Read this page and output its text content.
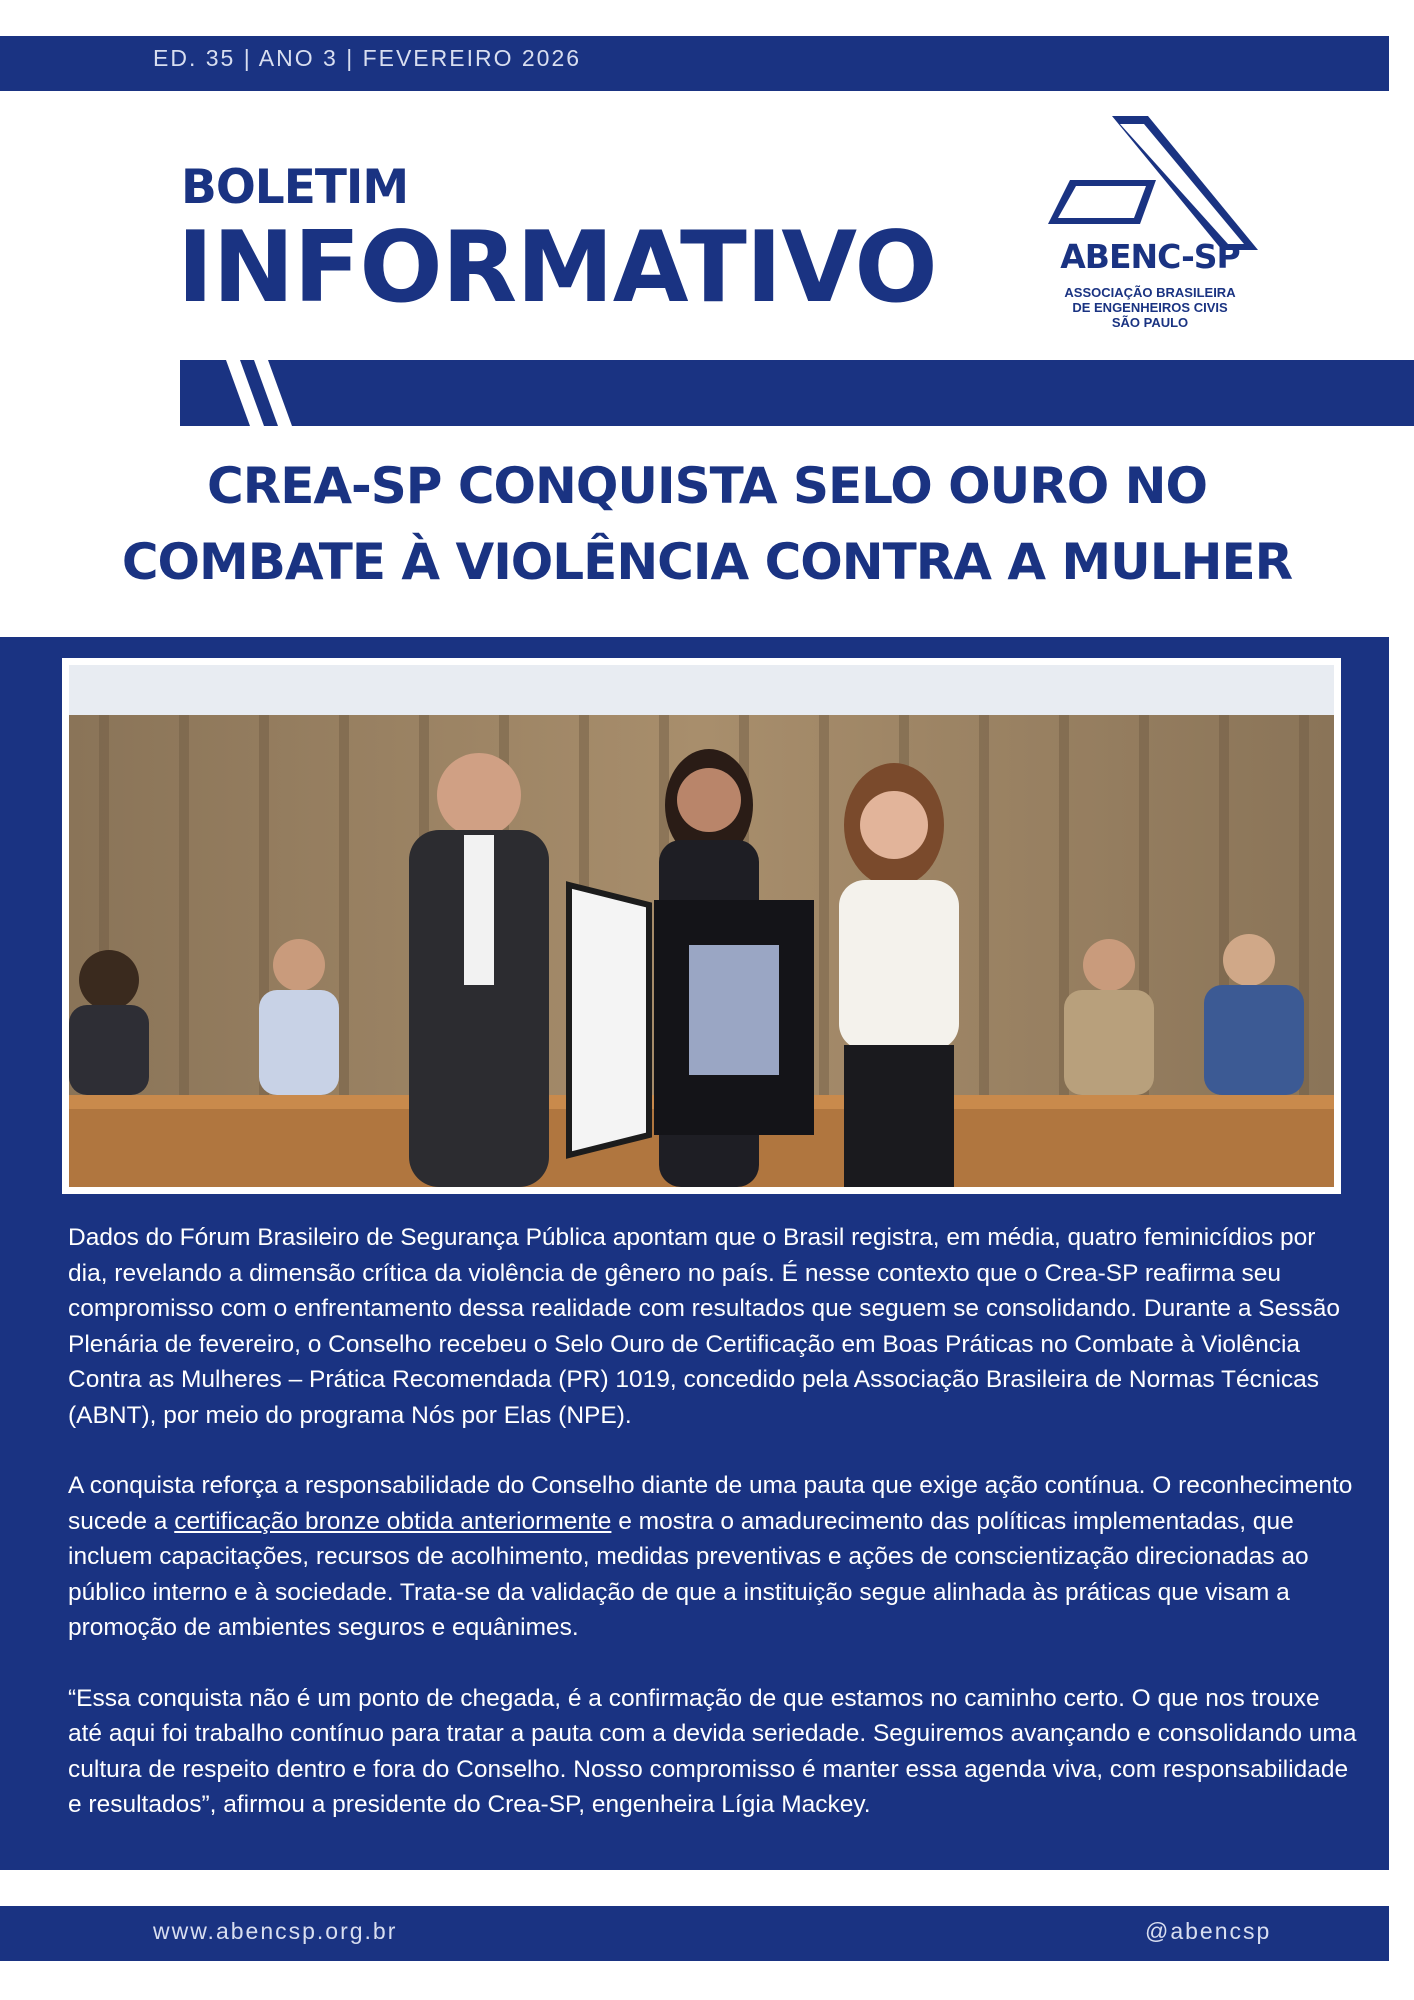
ED. 35 | ANO 3 | FEVEREIRO 2026
BOLETIM
INFORMATIVO	ABENC-SP
ASSOCIAÇÃO BRASILEIRA
DE ENGENHEIROS CIVIS
SÃO PAULO
CREA-SP CONQUISTA SELO OURO NO
COMBATE À VIOLÊNCIA CONTRA A MULHER

Dados do Fórum Brasileiro de Segurança Pública apontam que o Brasil registra, em média, quatro feminicídios por dia, revelando a dimensão crítica da violência de gênero no país. É nesse contexto que o Crea-SP reafirma seu compromisso com o enfrentamento dessa realidade com resultados que seguem se consolidando. Durante a Sessão Plenária de fevereiro, o Conselho recebeu o Selo Ouro de Certificação em Boas Práticas no Combate à Violência Contra as Mulheres – Prática Recomendada (PR) 1019, concedido pela Associação Brasileira de Normas Técnicas (ABNT), por meio do programa Nós por Elas (NPE).

A conquista reforça a responsabilidade do Conselho diante de uma pauta que exige ação contínua. O reconhecimento sucede a certificação bronze obtida anteriormente e mostra o amadurecimento das políticas implementadas, que incluem capacitações, recursos de acolhimento, medidas preventivas e ações de conscientização direcionadas ao público interno e à sociedade. Trata-se da validação de que a instituição segue alinhada às práticas que visam a promoção de ambientes seguros e equânimes.

“Essa conquista não é um ponto de chegada, é a confirmação de que estamos no caminho certo. O que nos trouxe até aqui foi trabalho contínuo para tratar a pauta com a devida seriedade. Seguiremos avançando e consolidando uma cultura de respeito dentro e fora do Conselho. Nosso compromisso é manter essa agenda viva, com responsabilidade e resultados”, afirmou a presidente do Crea-SP, engenheira Lígia Mackey.

www.abencsp.org.br	@abencsp
